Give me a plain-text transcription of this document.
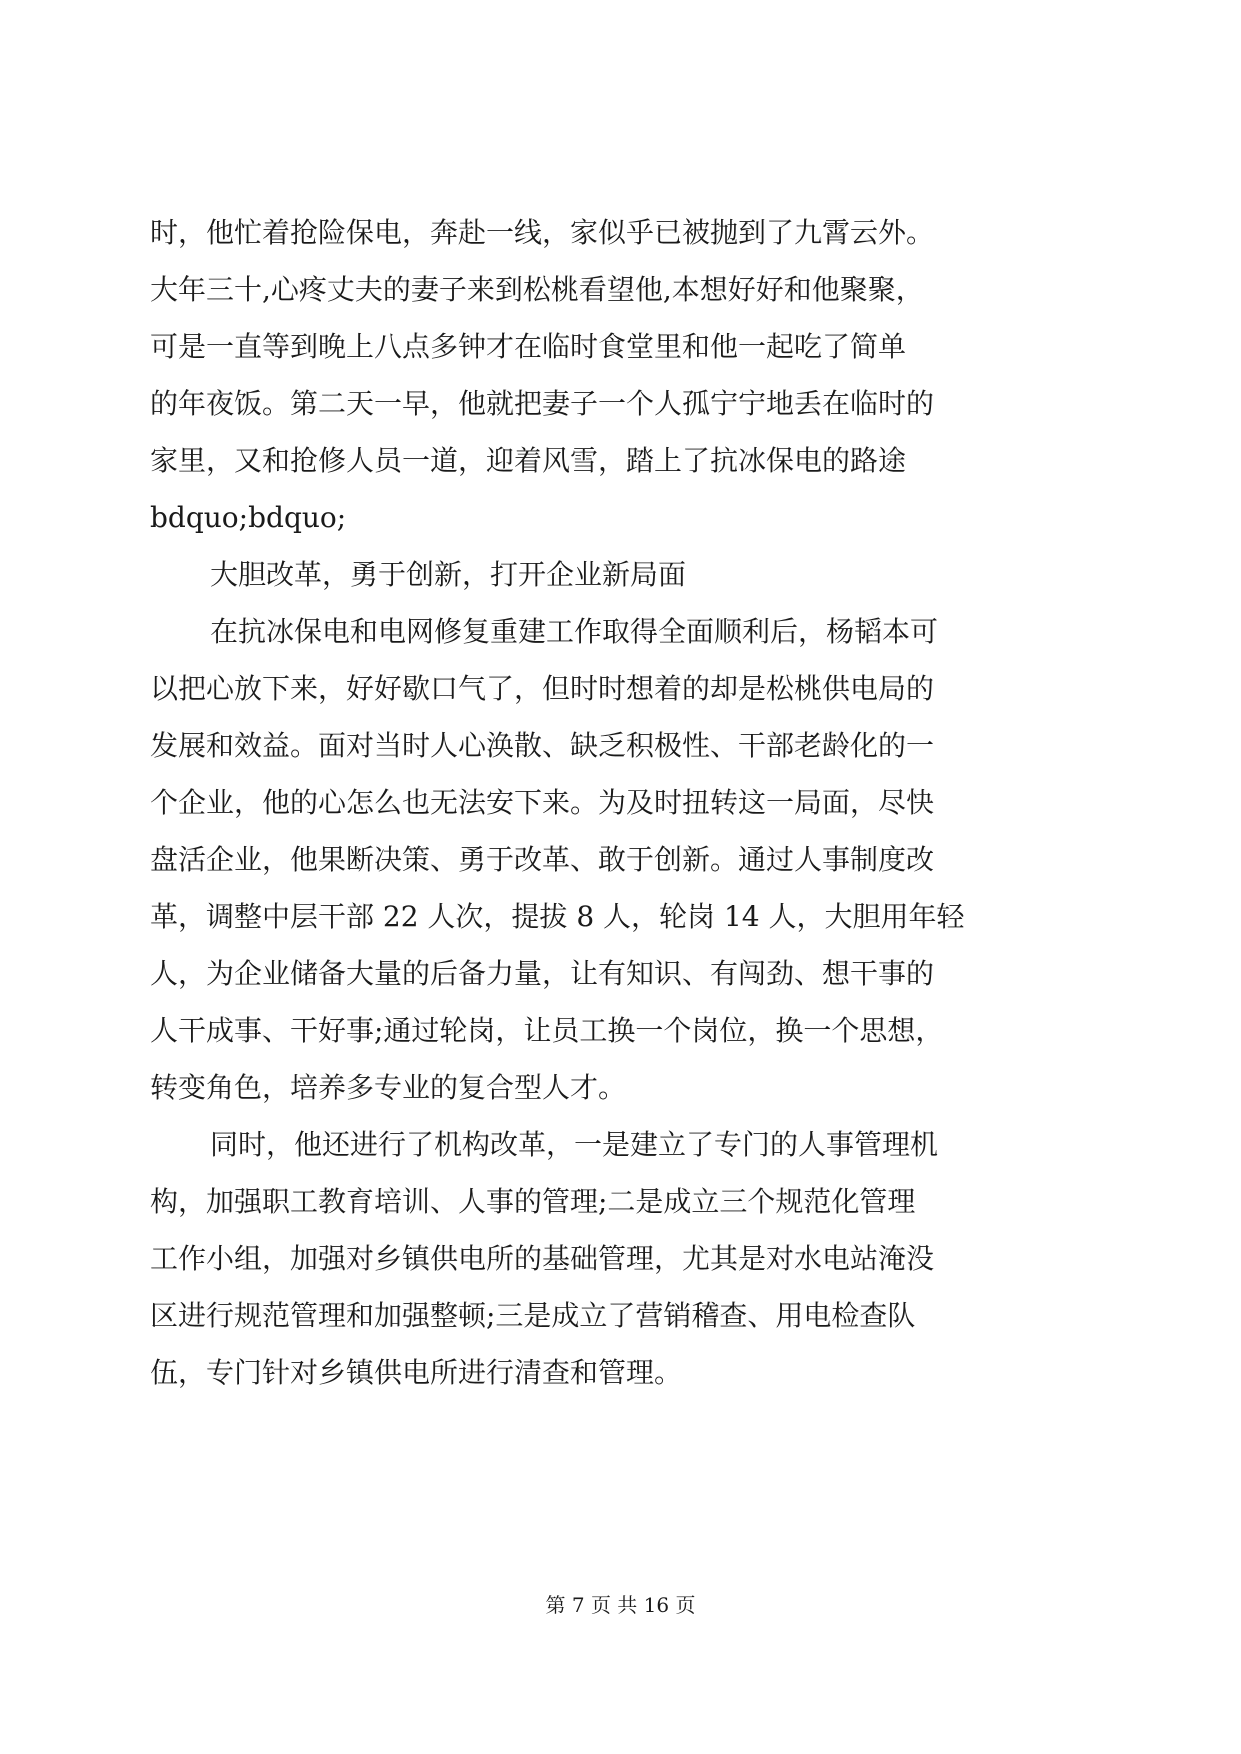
时，他忙着抢险保电，奔赴一线，家似乎已被抛到了九霄云外。
大年三十,心疼丈夫的妻子来到松桃看望他,本想好好和他聚聚，
可是一直等到晚上八点多钟才在临时食堂里和他一起吃了简单
的年夜饭。第二天一早，他就把妻子一个人孤宁宁地丢在临时的
家里，又和抢修人员一道，迎着风雪，踏上了抗冰保电的路途
bdquo;bdquo;
大胆改革，勇于创新，打开企业新局面
在抗冰保电和电网修复重建工作取得全面顺利后，杨韬本可
以把心放下来，好好歇口气了，但时时想着的却是松桃供电局的
发展和效益。面对当时人心涣散、缺乏积极性、干部老龄化的一
个企业，他的心怎么也无法安下来。为及时扭转这一局面，尽快
盘活企业，他果断决策、勇于改革、敢于创新。通过人事制度改
革，调整中层干部 22 人次，提拔 8 人，轮岗 14 人，大胆用年轻
人，为企业储备大量的后备力量，让有知识、有闯劲、想干事的
人干成事、干好事;通过轮岗，让员工换一个岗位，换一个思想，
转变角色，培养多专业的复合型人才。
同时，他还进行了机构改革，一是建立了专门的人事管理机
构，加强职工教育培训、人事的管理;二是成立三个规范化管理
工作小组，加强对乡镇供电所的基础管理，尤其是对水电站淹没
区进行规范管理和加强整顿;三是成立了营销稽查、用电检查队
伍，专门针对乡镇供电所进行清查和管理。
第 7 页 共 16 页
